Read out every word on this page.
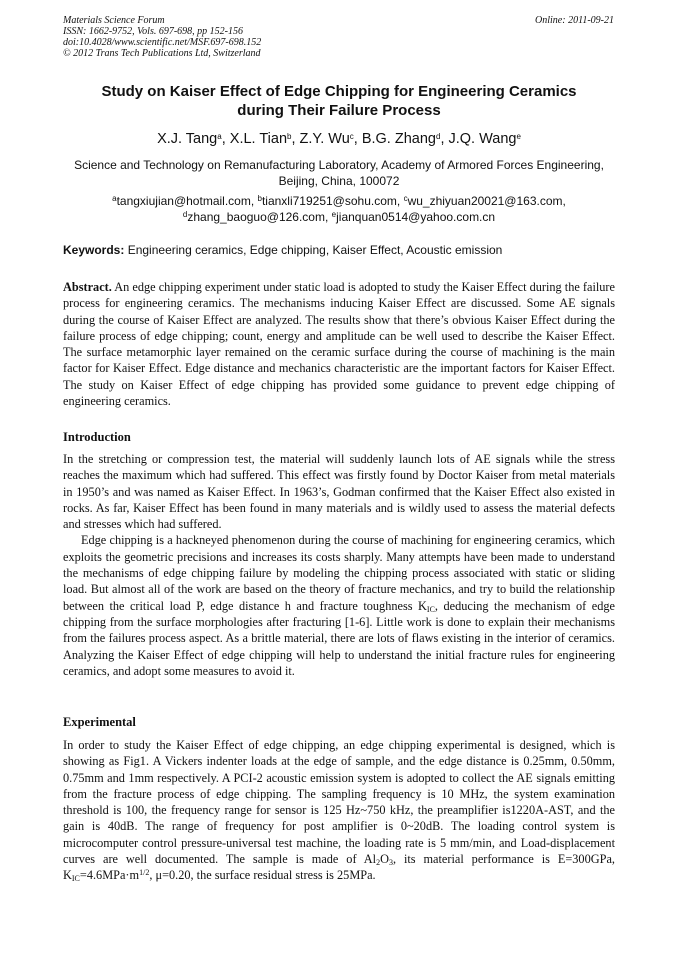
Materials Science Forum
ISSN: 1662-9752, Vols. 697-698, pp 152-156
doi:10.4028/www.scientific.net/MSF.697-698.152
© 2012 Trans Tech Publications Ltd, Switzerland
Online: 2011-09-21
Study on Kaiser Effect of Edge Chipping for Engineering Ceramics
during Their Failure Process
X.J. Tang$^a$, X.L. Tian$^b$, Z.Y. Wu$^c$, B.G. Zhang$^d$, J.Q. Wang$^e$
Science and Technology on Remanufacturing Laboratory, Academy of Armored Forces Engineering,
Beijing, China, 100072
$^a$tangxiujian@hotmail.com, $^b$tianxli719251@sohu.com, $^c$wu_zhiyuan20021@163.com,
$^d$zhang_baoguo@126.com, $^e$jianquan0514@yahoo.com.cn
Keywords: Engineering ceramics, Edge chipping, Kaiser Effect, Acoustic emission

Abstract. An edge chipping experiment under static load is adopted to study the Kaiser Effect during the failure process for engineering ceramics. The mechanisms inducing Kaiser Effect are discussed. Some AE signals during the course of Kaiser Effect are analyzed. The results show that there’s obvious Kaiser Effect during the failure process of edge chipping; count, energy and amplitude can be well used to describe the Kaiser Effect. The surface metamorphic layer remained on the ceramic surface during the course of machining is the main factor for Kaiser Effect. Edge distance and mechanics characteristic are the important factors for Kaiser Effect. The study on Kaiser Effect of edge chipping has provided some guidance to prevent edge chipping of engineering ceramics.

Introduction

In the stretching or compression test, the material will suddenly launch lots of AE signals while the stress reaches the maximum which had suffered. This effect was firstly found by Doctor Kaiser from metal materials in 1950’s and was named as Kaiser Effect. In 1963’s, Godman confirmed that the Kaiser Effect also existed in rocks. As far, Kaiser Effect has been found in many materials and is wildly used to assess the material defects and stresses which had suffered.

Edge chipping is a hackneyed phenomenon during the course of machining for engineering ceramics, which exploits the geometric precisions and increases its costs sharply. Many attempts have been made to understand the mechanisms of edge chipping failure by modeling the chipping process associated with static or sliding load. But almost all of the work are based on the theory of fracture mechanics, and try to build the relationship between the critical load P, edge distance h and fracture toughness $K_{IC}$, deducing the mechanism of edge chipping from the surface morphologies after fracturing [1-6]. Little work is done to explain their mechanisms from the failures process aspect. As a brittle material, there are lots of flaws existing in the interior of ceramics. Analyzing the Kaiser Effect of edge chipping will help to understand the initial fracture rules for engineering ceramics, and adopt some measures to avoid it.

Experimental

In order to study the Kaiser Effect of edge chipping, an edge chipping experimental is designed, which is showing as Fig1. A Vickers indenter loads at the edge of sample, and the edge distance is 0.25mm, 0.50mm, 0.75mm and 1mm respectively. A PCI-2 acoustic emission system is adopted to collect the AE signals emitting from the fracture process of edge chipping. The sampling frequency is 10 MHz, the system examination threshold is 100, the frequency range for sensor is 125 Hz~750 kHz, the preamplifier is1220A-AST, and the gain is 40dB. The range of frequency for post amplifier is 0~20dB. The loading control system is microcomputer control pressure-universal test machine, the loading rate is 5 mm/min, and Load-displacement curves are well documented. The sample is made of $Al_2O_3$, its material performance is E=300GPa, $K_{IC}=4.6MPa\cdot m^{1/2}$, μ=0.20, the surface residual stress is 25MPa.
